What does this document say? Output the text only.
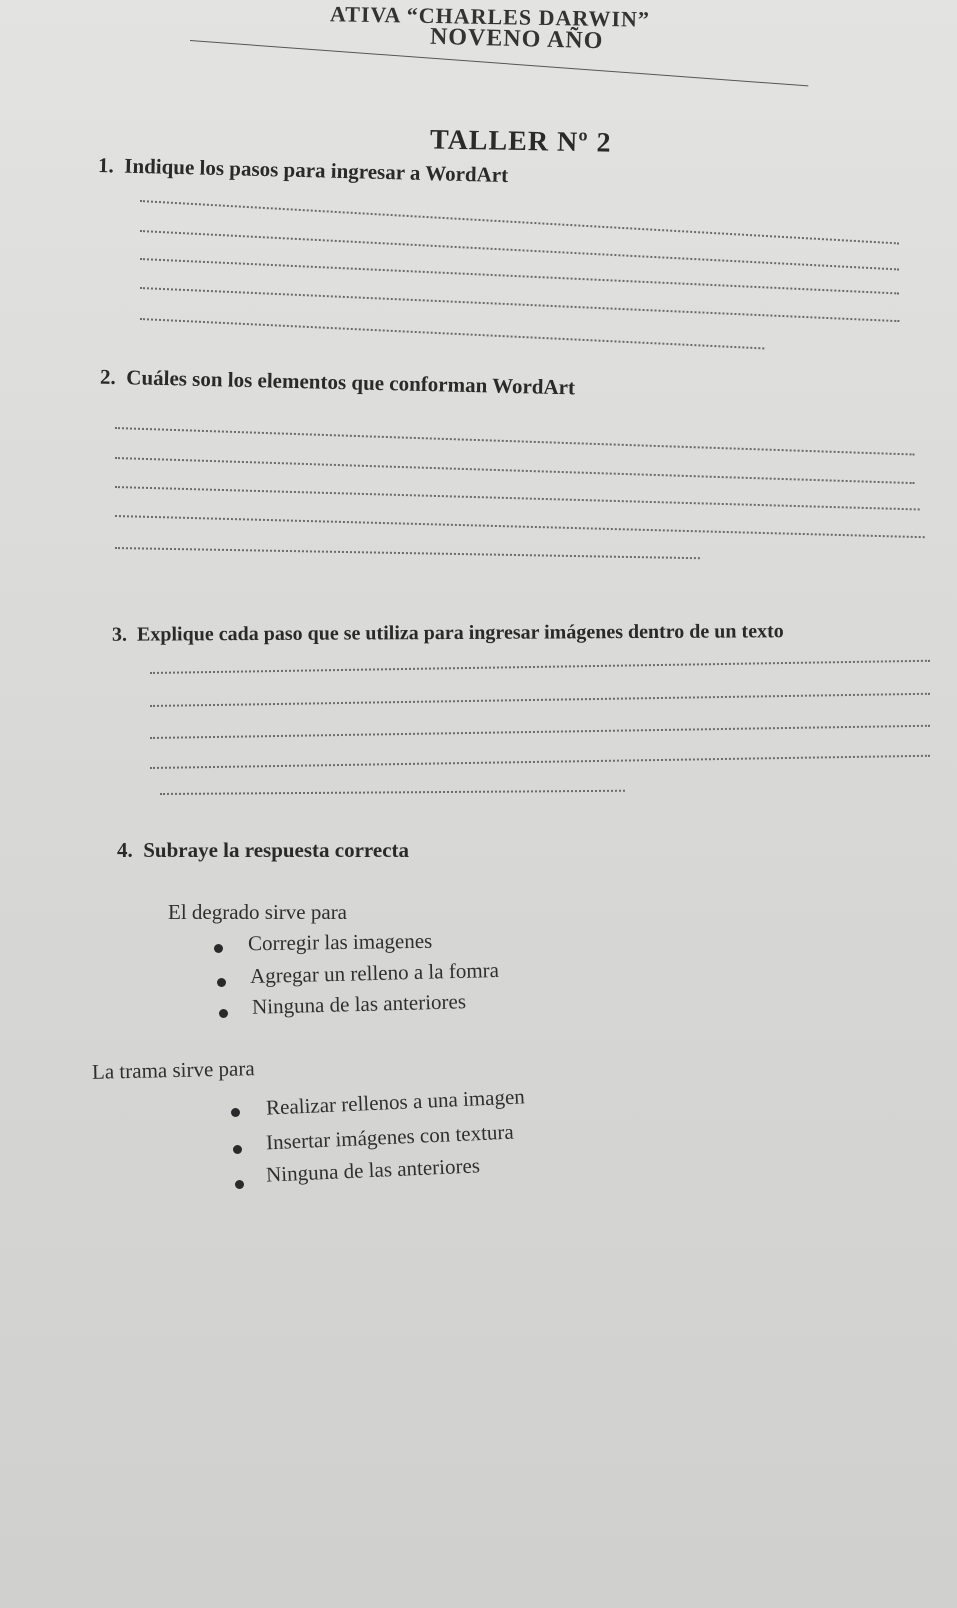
ATIVA “CHARLES DARWIN”
NOVENO AÑO
TALLER Nº 2
1. Indique los pasos para ingresar a WordArt
2. Cuáles son los elementos que conforman WordArt
3. Explique cada paso que se utiliza para ingresar imágenes dentro de un texto
4. Subraye la respuesta correcta
El degrado sirve para
Corregir las imagenes
Agregar un relleno a la fomra
Ninguna de las anteriores
La trama sirve para
Realizar rellenos a una imagen
Insertar imágenes con textura
Ninguna de las anteriores
